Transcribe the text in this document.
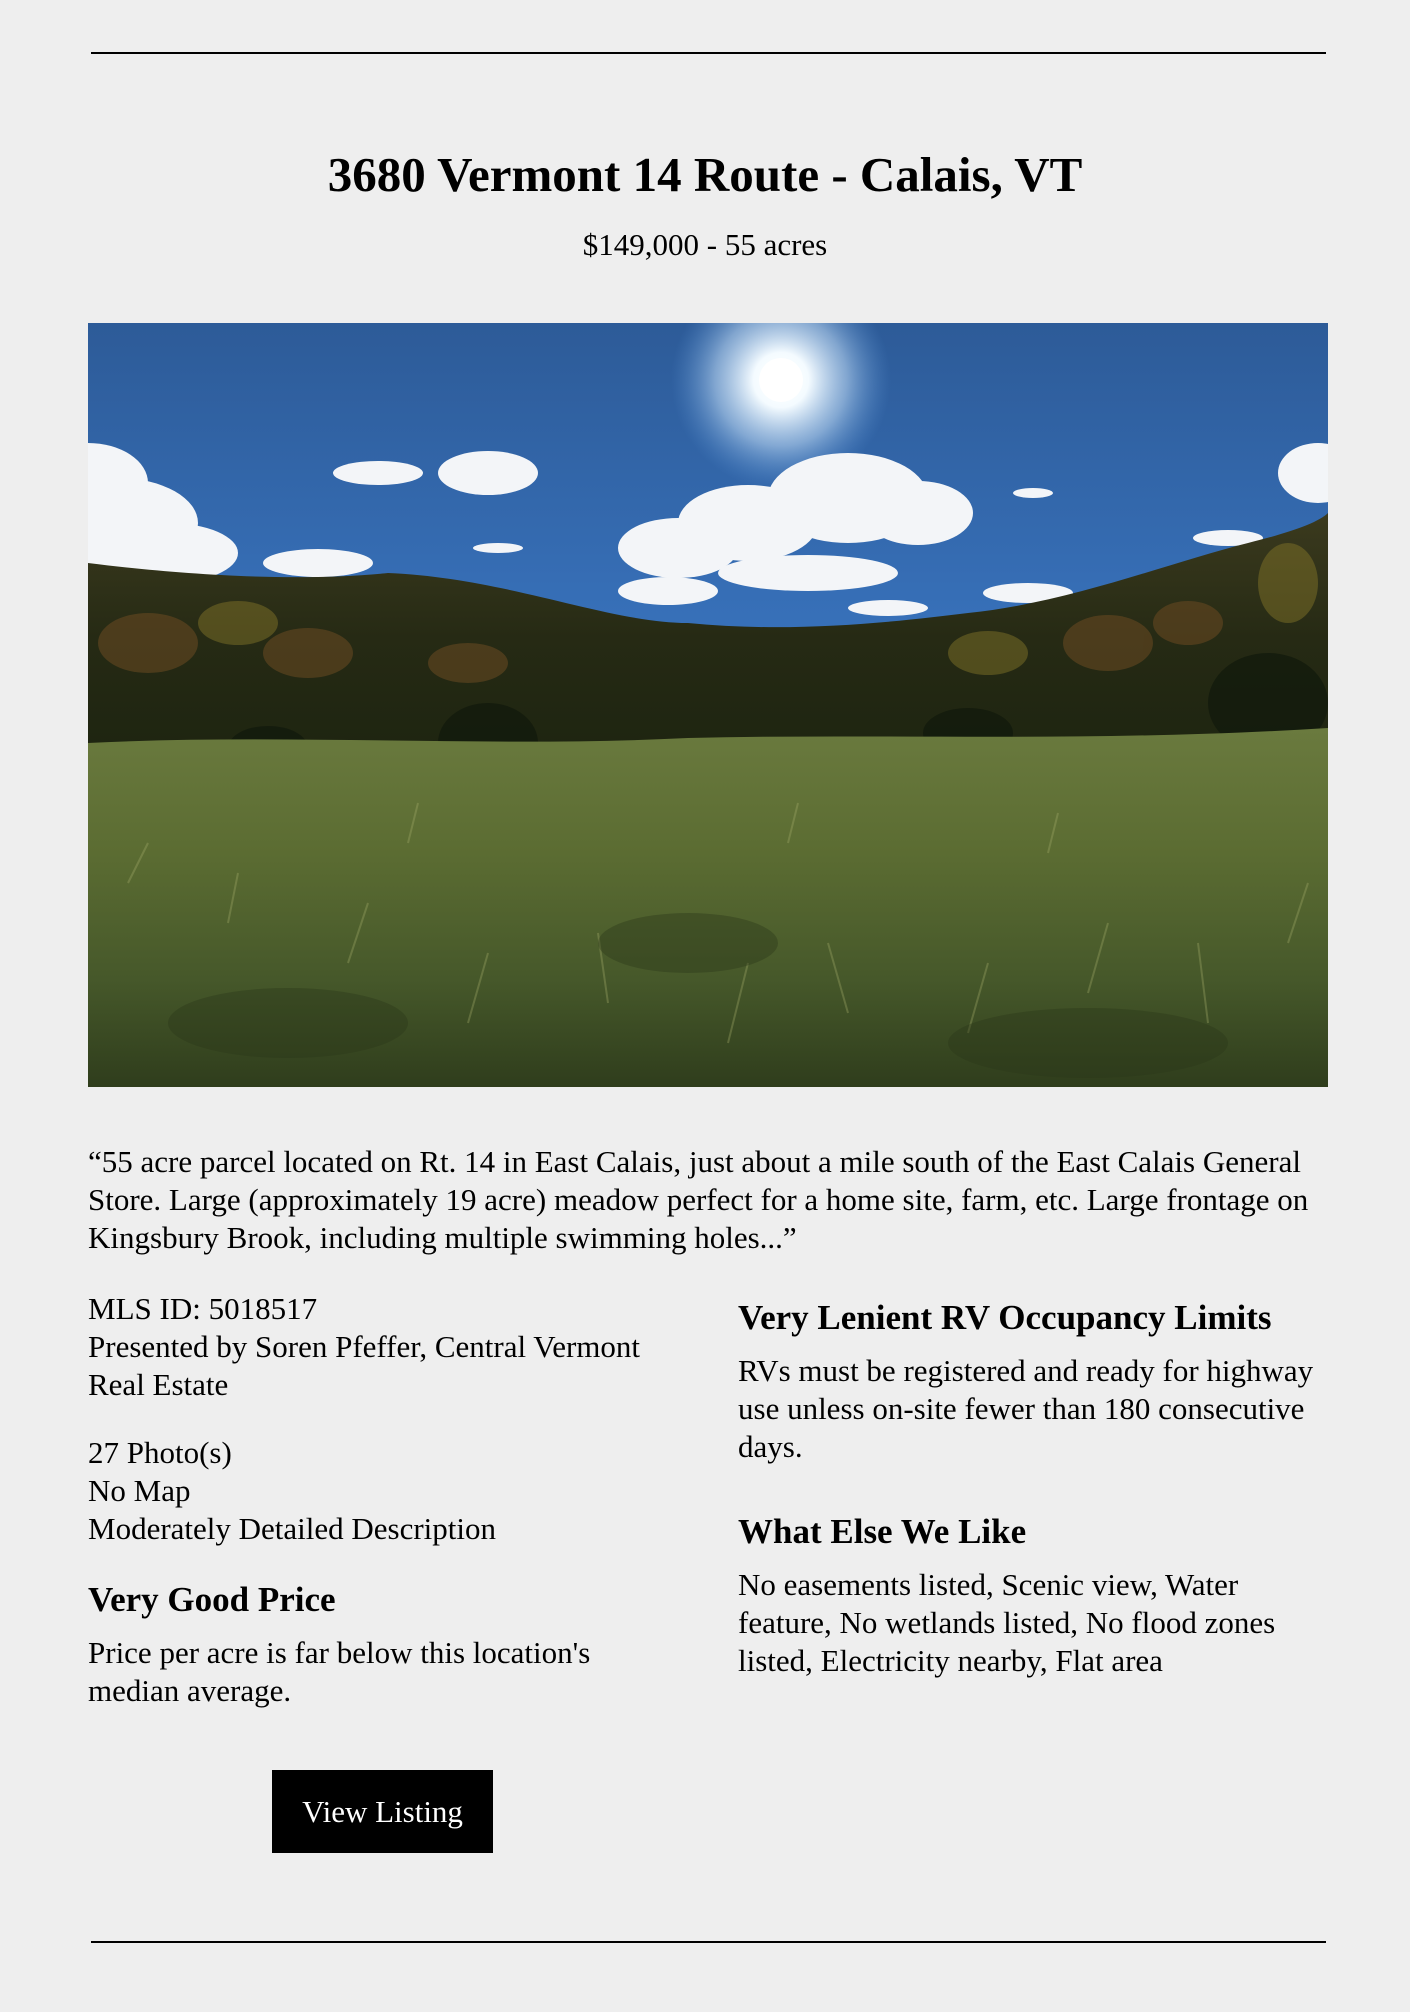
3680 Vermont 14 Route - Calais, VT

$149,000 - 55 acres

“55 acre parcel located on Rt. 14 in East Calais, just about a mile south of the East Calais General Store. Large (approximately 19 acre) meadow perfect for a home site, farm, etc. Large frontage on Kingsbury Brook, including multiple swimming holes...”

MLS ID: 5018517
Presented by Soren Pfeffer, Central Vermont Real Estate
27 Photo(s)
No Map
Moderately Detailed Description
Very Good Price

Price per acre is far below this location's median average.

Very Lenient RV Occupancy Limits

RVs must be registered and ready for highway use unless on-site fewer than 180 consecutive days.

What Else We Like

No easements listed, Scenic view, Water feature, No wetlands listed, No flood zones listed, Electricity nearby, Flat area

View Listing
